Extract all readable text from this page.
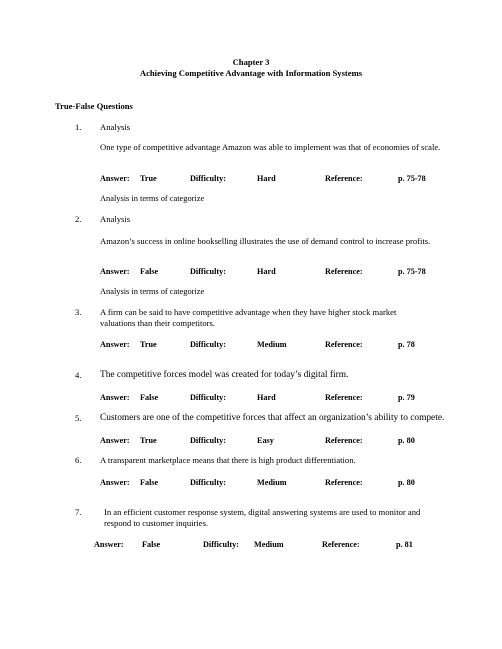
Chapter 3
Achieving Competitive Advantage with Information Systems
True-False Questions
1. Analysis
One type of competitive advantage Amazon was able to implement was that of economies of scale.
Answer: True	Difficulty:	Hard	Reference:	p. 75-78
Analysis in terms of categorize
2. Analysis
Amazon’s success in online bookselling illustrates the use of demand control to increase profits.
Answer: False	Difficulty:	Hard	Reference:	p. 75-78
Analysis in terms of categorize
3. A firm can be said to have competitive advantage when they have higher stock market valuations than their competitors.
Answer: True	Difficulty:	Medium	Reference:	p. 78
4. The competitive forces model was created for today’s digital firm.
Answer: False	Difficulty:	Hard	Reference:	p. 79
5. Customers are one of the competitive forces that affect an organization’s ability to compete.
Answer: True	Difficulty:	Easy	Reference:	p. 80
6. A transparent marketplace means that there is high product differentiation.
Answer: False	Difficulty:	Medium	Reference:	p. 80
7.	In an efficient customer response system, digital answering systems are used to monitor and respond to customer inquiries.
Answer: False	Difficulty: Medium	Reference:	p. 81
